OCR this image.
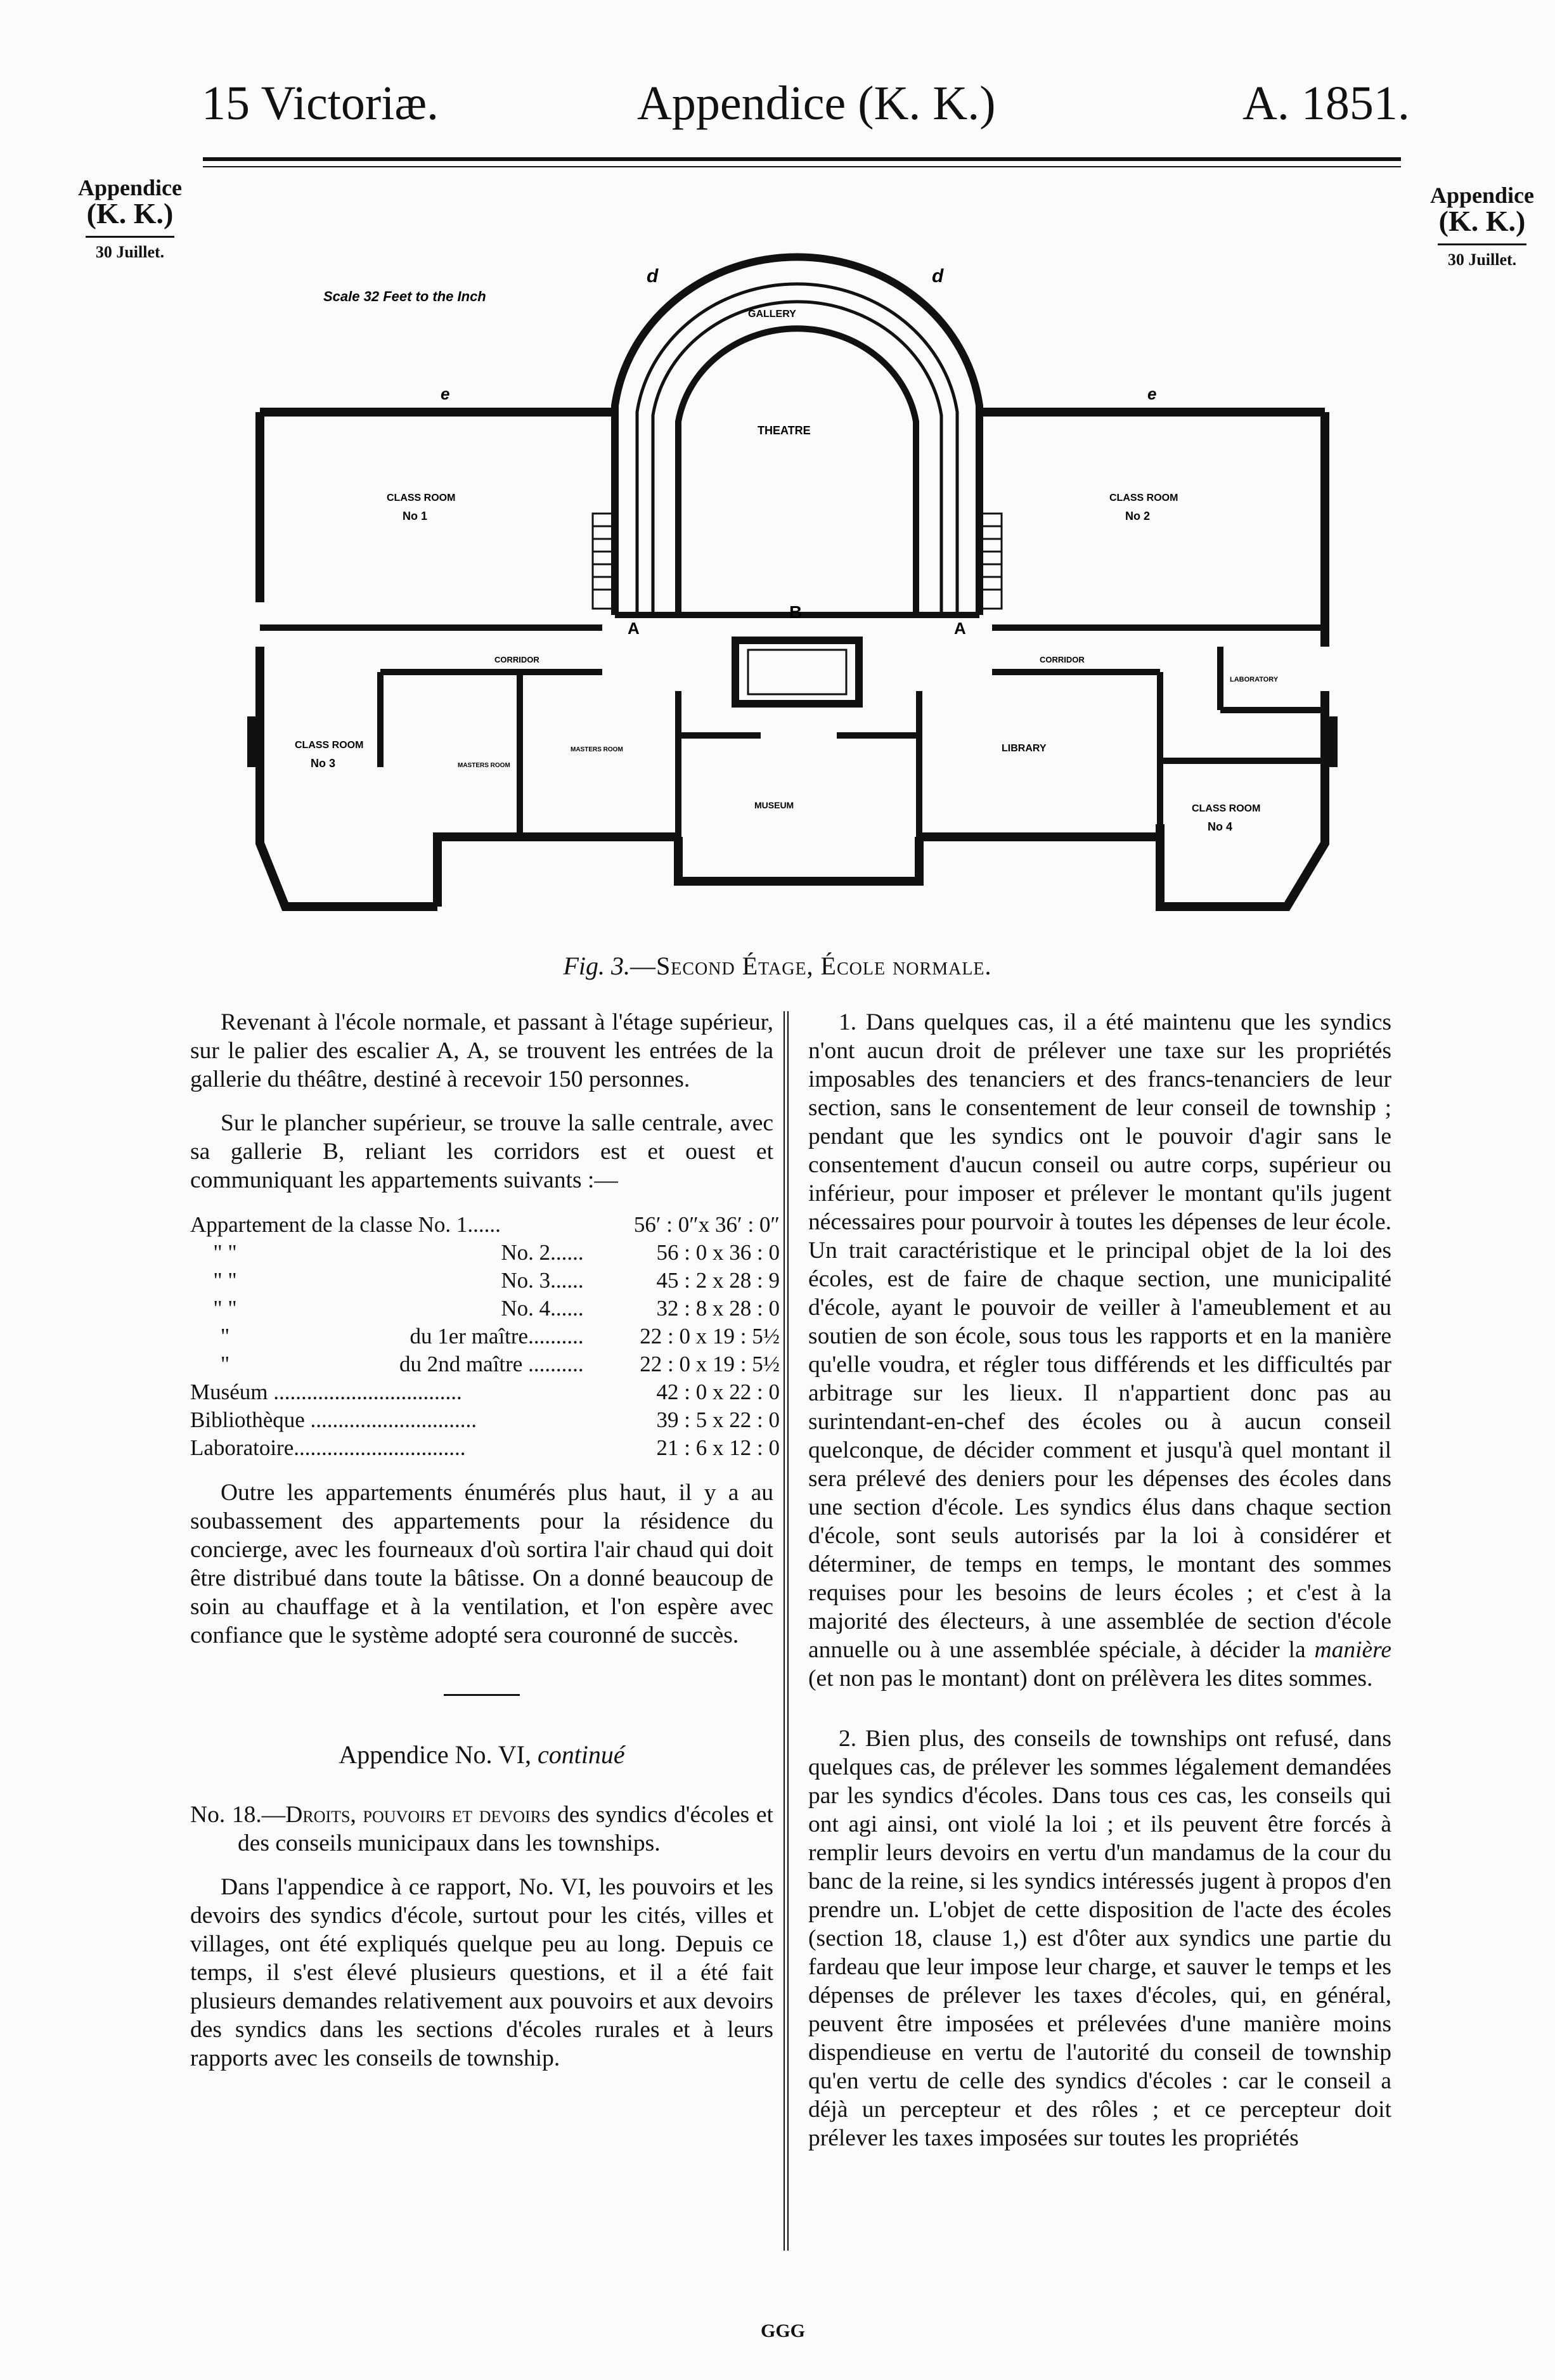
15 Victoriæ.	Appendice (K. K.)	A. 1851.
Appendice
(K. K.)
30 Juillet.
Appendice
(K. K.)
30 Juillet.
Scale 32 Feet to the Inch
GALLERY
THEATRE
CLASS ROOM
No 1
CLASS ROOM
No 2
CLASS ROOM
No 3
CLASS ROOM
No 4
CORRIDOR	CORRIDOR
MASTERS ROOM
MASTERS ROOM	LIBRARY
MUSEUM
LABORATORY
A	A
B
d	d
e	e
Fig. 3.—Second Étage, École normale.

Revenant à l'école normale, et passant à l'étage supérieur, sur le palier des escalier A, A, se trouvent les entrées de la gallerie du théâtre, destiné à recevoir 150 personnes.

Sur le plancher supérieur, se trouve la salle centrale, avec sa gallerie B, reliant les corridors est et ouest et communiquant les appartements suivants :—

Appartement de la classe No. 1......		56′ : 0″x 36′ : 0″
" "	No. 2......	56 : 0 x 36 : 0
" "	No. 3......	45 : 2 x 28 : 9
" "	No. 4......	32 : 8 x 28 : 0
"	du 1er maître..........	22 : 0 x 19 : 5½
"	du 2nd maître ..........	22 : 0 x 19 : 5½
Muséum ..................................		42 : 0 x 22 : 0
Bibliothèque ..............................		39 : 5 x 22 : 0
Laboratoire...............................		21 : 6 x 12 : 0

Outre les appartements énumérés plus haut, il y a au soubassement des appartements pour la résidence du concierge, avec les fourneaux d'où sortira l'air chaud qui doit être distribué dans toute la bâtisse. On a donné beaucoup de soin au chauffage et à la ventilation, et l'on espère avec confiance que le système adopté sera couronné de succès.

Appendice No. VI, continué

No. 18.—Droits, pouvoirs et devoirs des syndics d'écoles et des conseils municipaux dans les townships.

Dans l'appendice à ce rapport, No. VI, les pouvoirs et les devoirs des syndics d'école, surtout pour les cités, villes et villages, ont été expliqués quelque peu au long. Depuis ce temps, il s'est élevé plusieurs questions, et il a été fait plusieurs demandes relativement aux pouvoirs et aux devoirs des syndics dans les sections d'écoles rurales et à leurs rapports avec les conseils de township.

1. Dans quelques cas, il a été maintenu que les syndics n'ont aucun droit de prélever une taxe sur les propriétés imposables des tenanciers et des francs-tenanciers de leur section, sans le consentement de leur conseil de township ; pendant que les syndics ont le pouvoir d'agir sans le consentement d'aucun conseil ou autre corps, supérieur ou inférieur, pour imposer et prélever le montant qu'ils jugent nécessaires pour pourvoir à toutes les dépenses de leur école. Un trait caractéristique et le principal objet de la loi des écoles, est de faire de chaque section, une municipalité d'école, ayant le pouvoir de veiller à l'ameublement et au soutien de son école, sous tous les rapports et en la manière qu'elle voudra, et régler tous différends et les difficultés par arbitrage sur les lieux. Il n'appartient donc pas au surintendant-en-chef des écoles ou à aucun conseil quelconque, de décider comment et jusqu'à quel montant il sera prélevé des deniers pour les dépenses des écoles dans une section d'école. Les syndics élus dans chaque section d'école, sont seuls autorisés par la loi à considérer et déterminer, de temps en temps, le montant des sommes requises pour les besoins de leurs écoles ; et c'est à la majorité des électeurs, à une assemblée de section d'école annuelle ou à une assemblée spéciale, à décider la manière (et non pas le montant) dont on prélèvera les dites sommes.

2. Bien plus, des conseils de townships ont refusé, dans quelques cas, de prélever les sommes légalement demandées par les syndics d'écoles. Dans tous ces cas, les conseils qui ont agi ainsi, ont violé la loi ; et ils peuvent être forcés à remplir leurs devoirs en vertu d'un mandamus de la cour du banc de la reine, si les syndics intéressés jugent à propos d'en prendre un. L'objet de cette disposition de l'acte des écoles (section 18, clause 1,) est d'ôter aux syndics une partie du fardeau que leur impose leur charge, et sauver le temps et les dépenses de prélever les taxes d'écoles, qui, en général, peuvent être imposées et prélevées d'une manière moins dispendieuse en vertu de l'autorité du conseil de township qu'en vertu de celle des syndics d'écoles : car le conseil a déjà un percepteur et des rôles ; et ce percepteur doit prélever les taxes imposées sur toutes les propriétés

GGG
